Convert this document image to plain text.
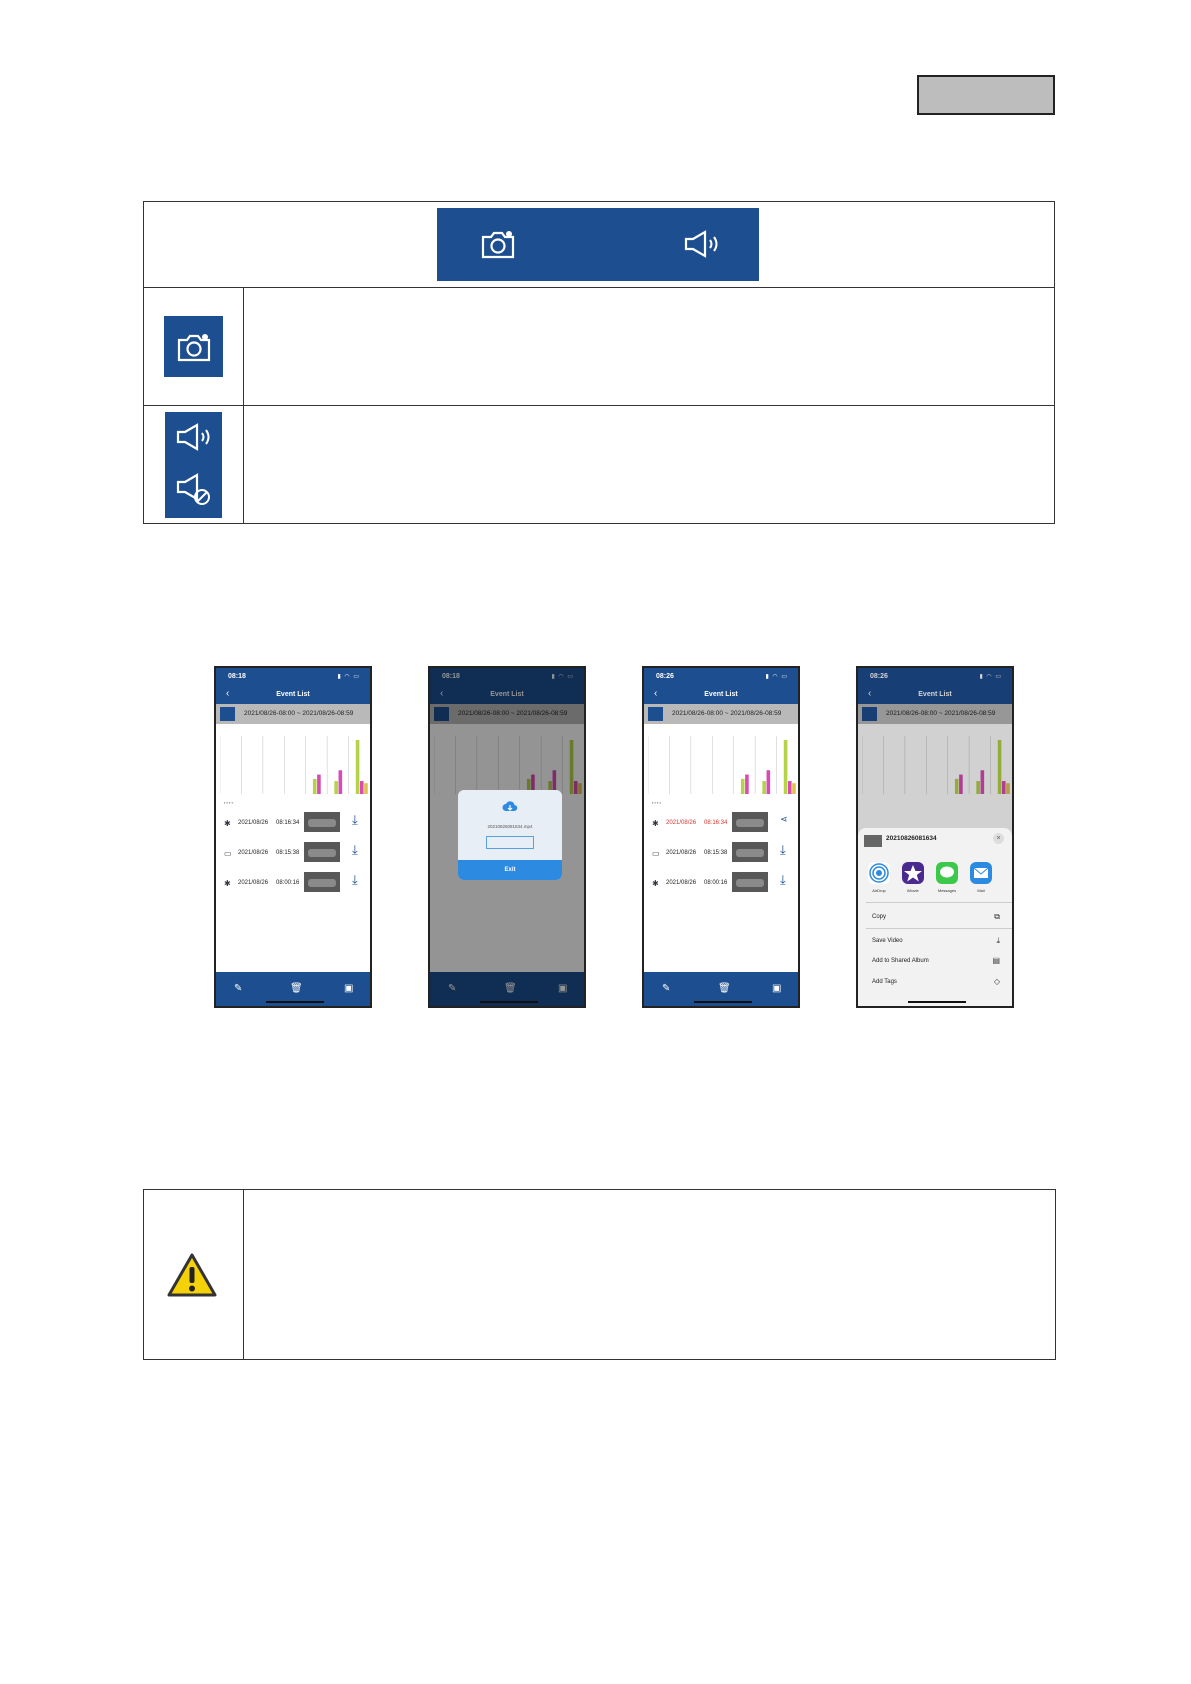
08:18	▮ ◠ ▭
‹	Event List
2021/08/26-08:00 ~ 2021/08/26-08:59
▪ ▪ ▪ ▪
✱ 2021/08/26 08:16:34	⤓
▭ 2021/08/26 08:15:38	⤓
✱ 2021/08/26 08:00:16	⤓
✎	🗑	▣
08:18	▮ ◠ ▭
‹	Event List
2021/08/26-08:00 ~ 2021/08/26-08:59
✎	🗑	▣
20210826081634.mp4
Exit
08:26	▮ ◠ ▭
‹	Event List
2021/08/26-08:00 ~ 2021/08/26-08:59
▪ ▪ ▪ ▪
✱ 2021/08/26 08:16:34	⋖
▭ 2021/08/26 08:15:38	⤓
✱ 2021/08/26 08:00:16	⤓
✎	🗑	▣
08:26	▮ ◠ ▭
‹	Event List
2021/08/26-08:00 ~ 2021/08/26-08:59
20210826081634	×
AirDrop	iMovie	Messages	Mail
Copy	⧉
Save Video	⤓
Add to Shared Album	▤
Add Tags	◇
